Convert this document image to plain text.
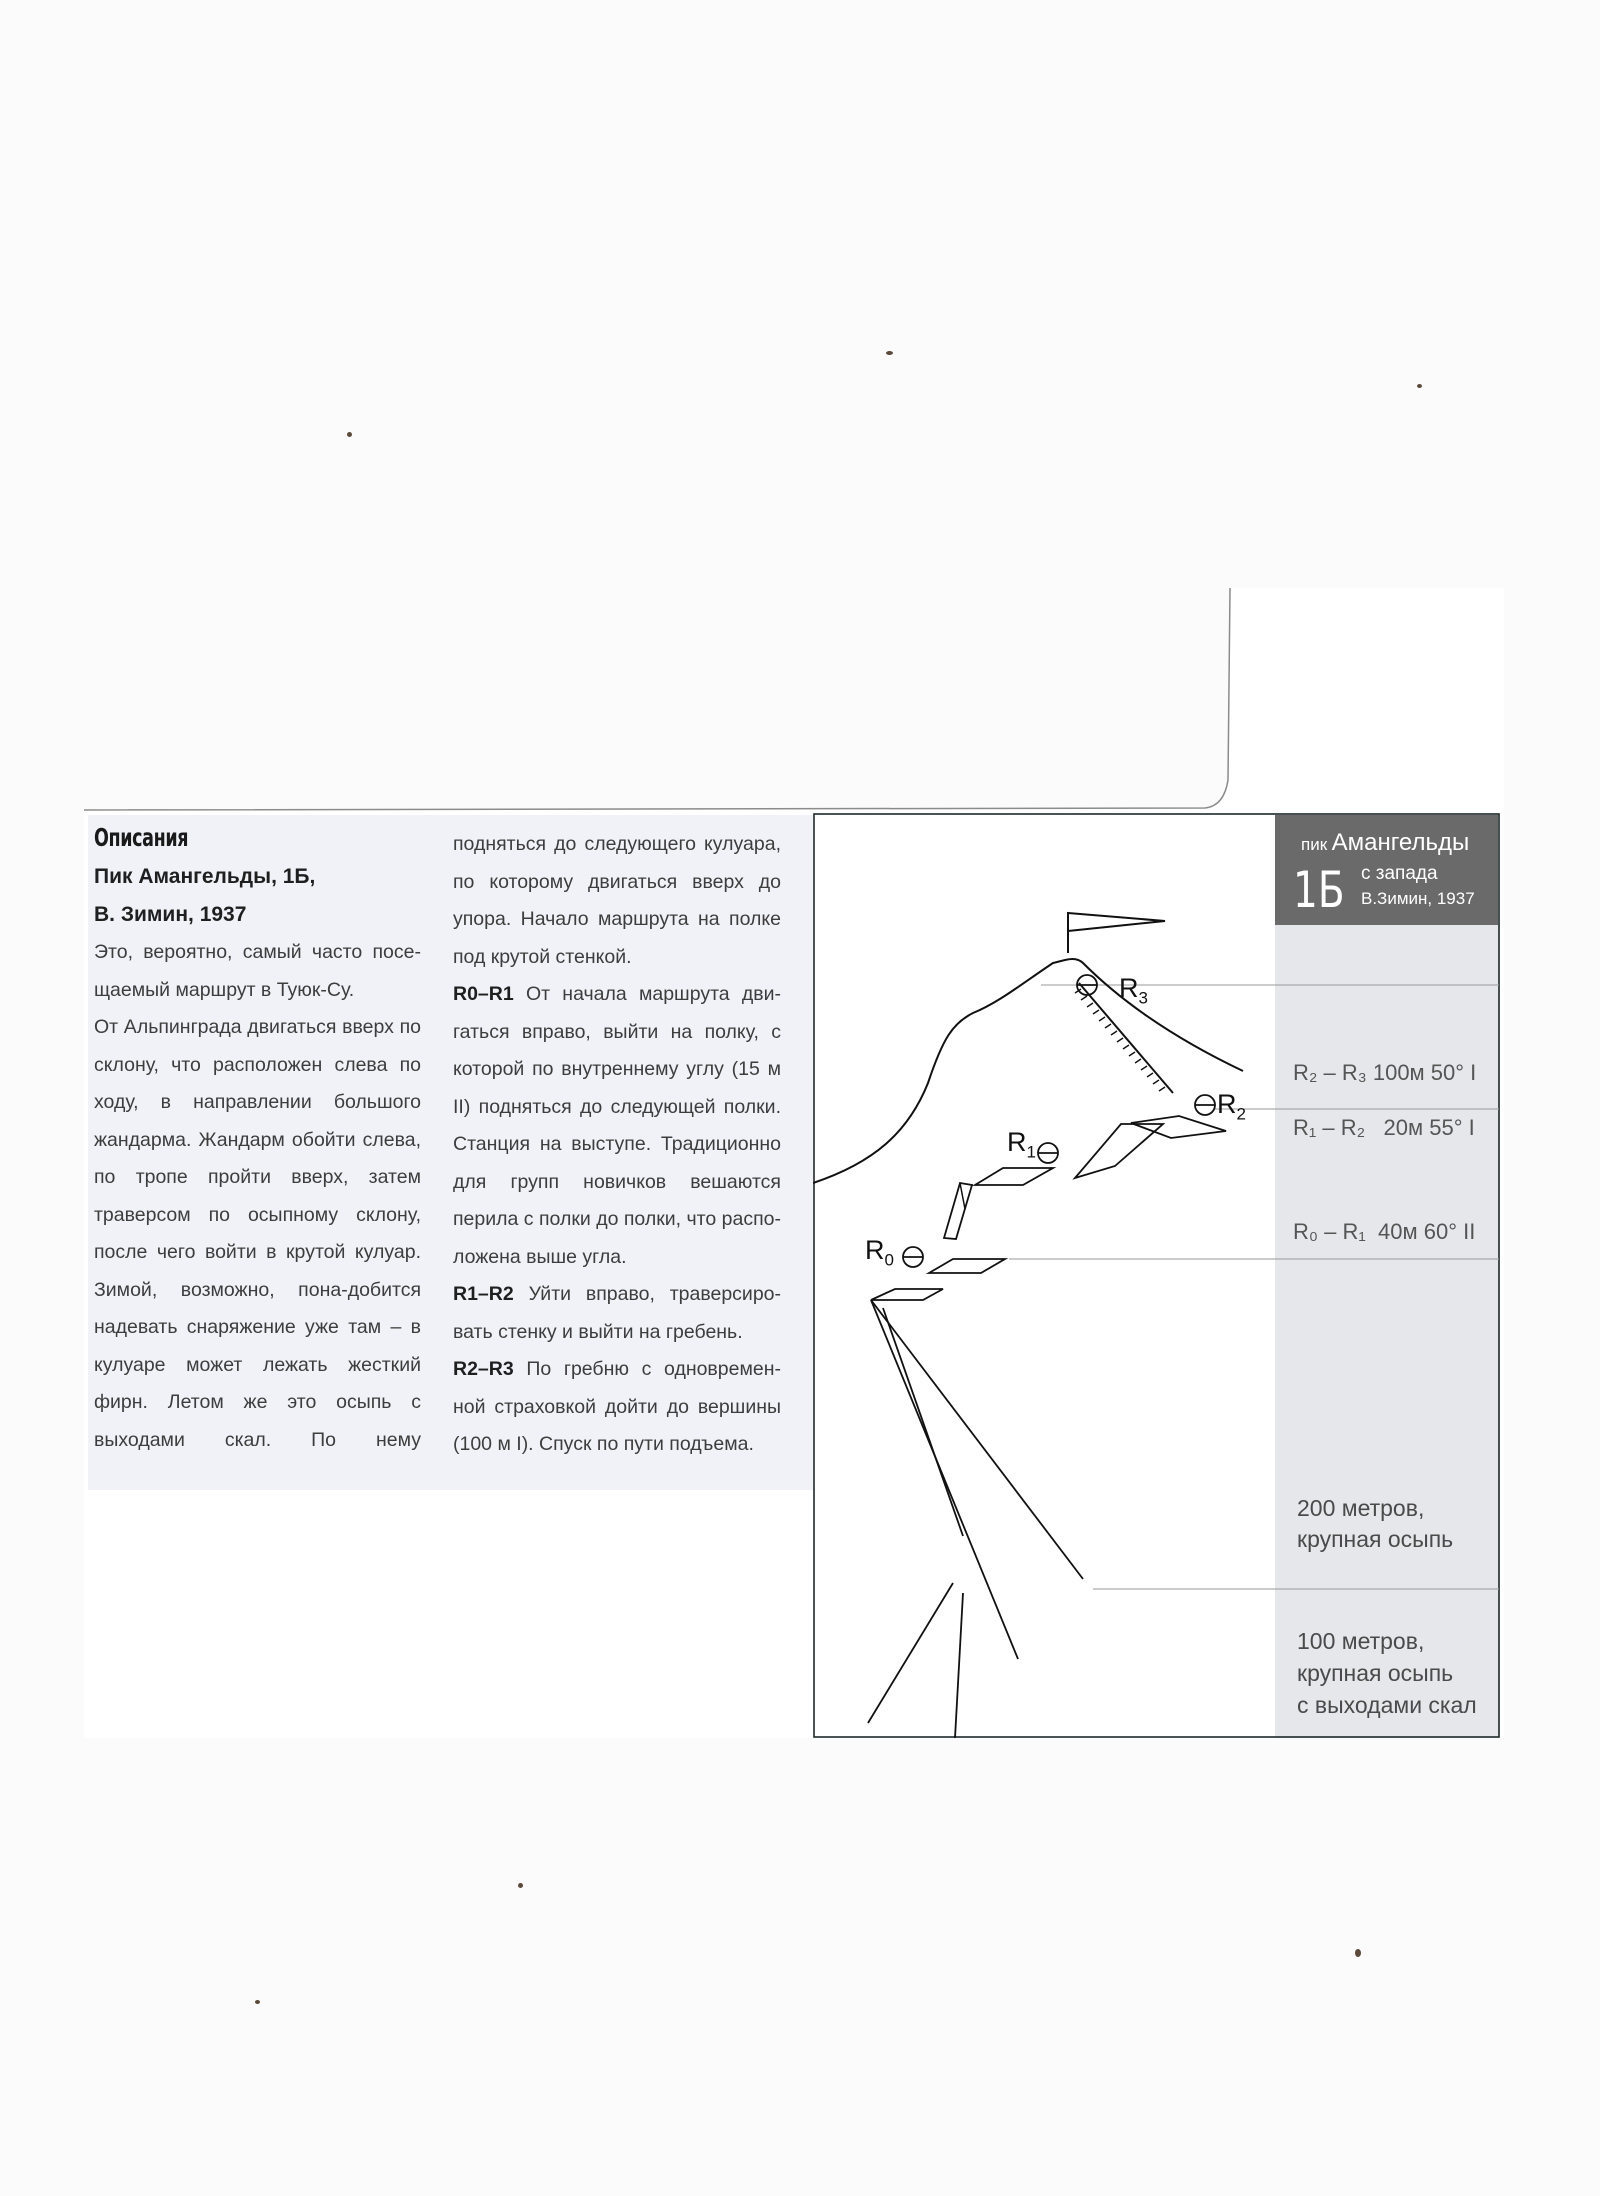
Описания
Пик Амангельды, 1Б,
В. Зимин, 1937

Это, вероятно, самый часто посе-щаемый маршрут в Туюк-Су.

От Альпинграда двигаться вверх по склону, что расположен слева по ходу, в направлении большого жандарма. Жандарм обойти слева, по тропе пройти вверх, затем траверсом по осыпному склону, после чего войти в крутой кулуар. Зимой, возможно, пона-добится надевать снаряжение уже там – в кулуаре может лежать жесткий фирн. Летом же это осыпь с выходами скал. По нему

подняться до следующего кулуара, по которому двигаться вверх до упора. Начало маршрута на полке под крутой стенкой.

R0–R1 От начала маршрута дви-гаться вправо, выйти на полку, с которой по внутреннему углу (15 м II) подняться до следующей полки. Станция на выступе. Традиционно для групп новичков вешаются перила с полки до полки, что распо-ложена выше угла.

R1–R2 Уйти вправо, траверсиро-вать стенку и выйти на гребень.

R2–R3 По гребню с одновремен-ной страховкой дойти до вершины (100 м I). Спуск по пути подъема.

$R_3$
$R_2$
$R_1$
$R_0$
пик Амангельды
1Б с запада
В.Зимин, 1937
R₂ – R₃ 100м 50° I
R₁ – R₂   20м 55° I
R₀ – R₁  40м 60° II
200 метров,
крупная осыпь
100 метров,
крупная осыпь
с выходами скал
